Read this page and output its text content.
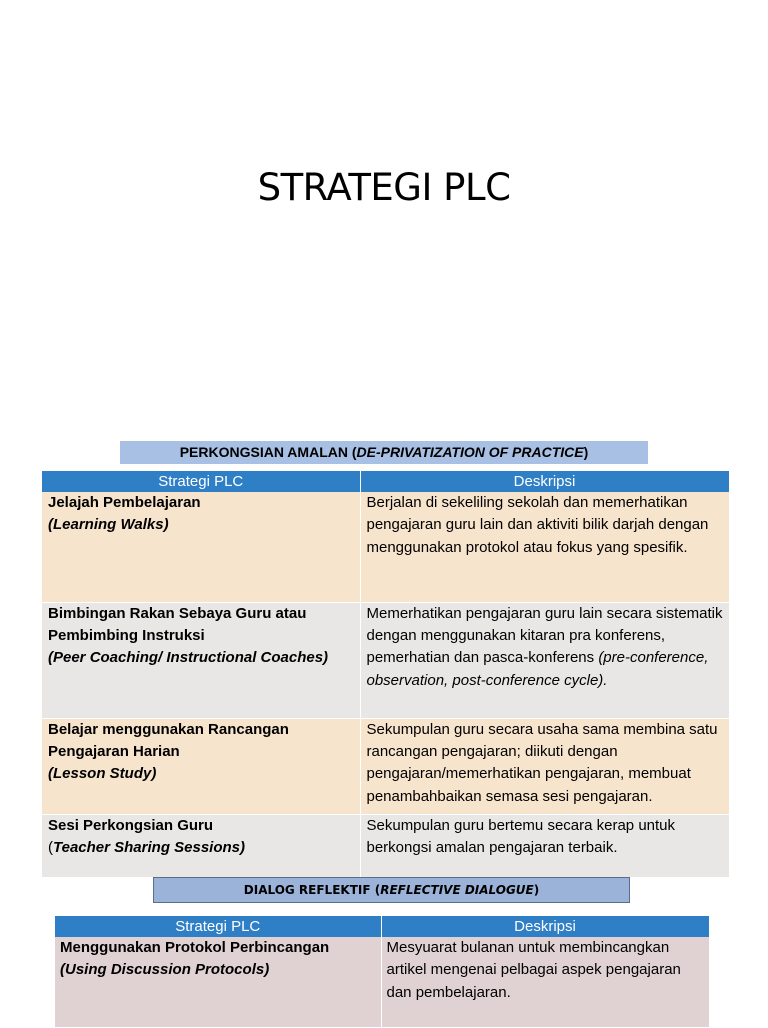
STRATEGI PLC
PERKONGSIAN AMALAN (DE-PRIVATIZATION OF PRACTICE)
Strategi PLC	Deskripsi

Jelajah Pembelajaran
(Learning Walks)	Berjalan di sekeliling sekolah dan memerhatikan pengajaran guru lain dan aktiviti bilik darjah dengan menggunakan protokol atau fokus yang spesifik.

Bimbingan Rakan Sebaya Guru atau
Pembimbing Instruksi
(Peer Coaching/ Instructional Coaches)	Memerhatikan pengajaran guru lain secara sistematik dengan menggunakan kitaran pra konferens, pemerhatian dan pasca-konferens (pre-conference, observation, post-conference cycle).

Belajar menggunakan Rancangan
Pengajaran Harian
(Lesson Study)	Sekumpulan guru secara usaha sama membina satu rancangan pengajaran; diikuti dengan pengajaran/memerhatikan pengajaran, membuat penambahbaikan semasa sesi pengajaran.

Sesi Perkongsian Guru
(Teacher Sharing Sessions)	Sekumpulan guru bertemu secara kerap untuk berkongsi amalan pengajaran terbaik.
DIALOG REFLEKTIF (REFLECTIVE DIALOGUE)
Strategi PLC	Deskripsi

Menggunakan Protokol Perbincangan
(Using Discussion Protocols)	Mesyuarat bulanan untuk membincangkan artikel mengenai pelbagai aspek pengajaran dan pembelajaran.
